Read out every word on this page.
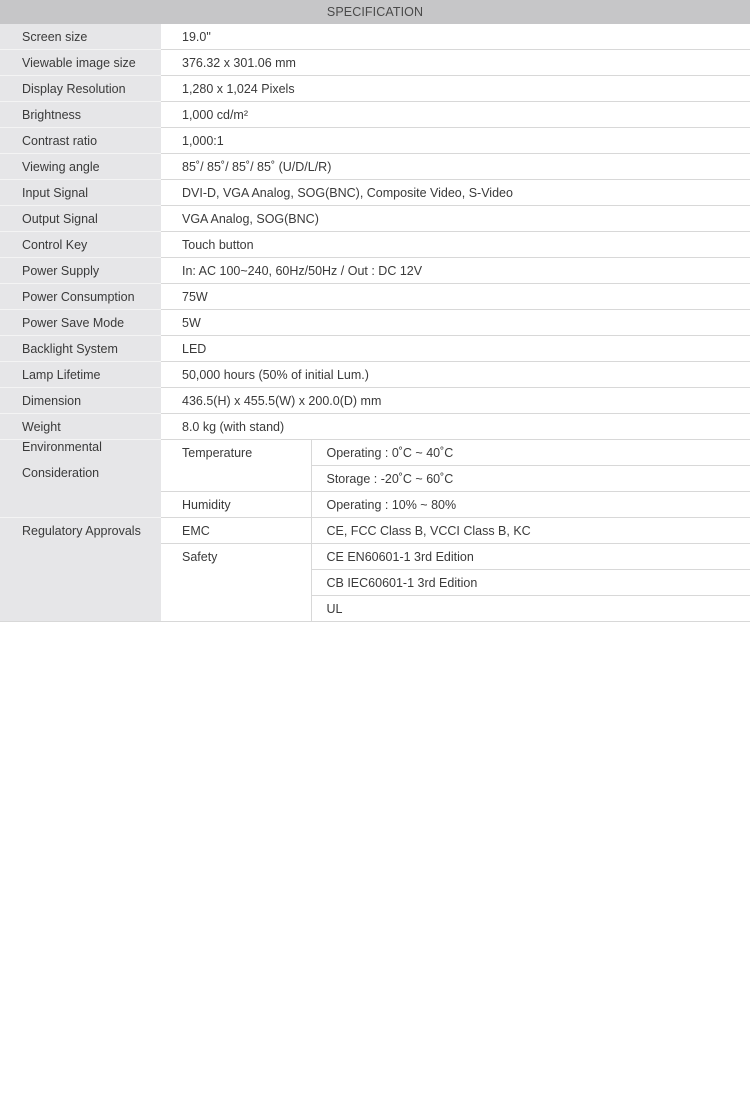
SPECIFICATION		
Screen size	19.0"	
Viewable image size	376.32 x 301.06 mm	
Display Resolution	1,280 x 1,024 Pixels	
Brightness	1,000 cd/m²	
Contrast ratio	1,000:1	
Viewing angle	85˚/ 85˚/ 85˚/ 85˚ (U/D/L/R)	
Input Signal	DVI-D, VGA Analog, SOG(BNC), Composite Video, S-Video	
Output Signal	VGA Analog, SOG(BNC)	
Control Key	Touch button	
Power Supply	In: AC 100~240, 60Hz/50Hz / Out : DC 12V	
Power Consumption	75W	
Power Save Mode	5W	
Backlight System	LED	
Lamp Lifetime	50,000 hours (50% of initial Lum.)	
Dimension	436.5(H) x 455.5(W) x 200.0(D) mm	
Weight	8.0 kg (with stand)	

Environmental
Consideration	Temperature	Operating : 0˚C ~ 40˚C
		Storage : -20˚C ~ 60˚C
	Humidity	Operating : 10% ~ 80%
Regulatory Approvals	EMC	CE, FCC Class B, VCCI Class B, KC
	Safety	CE EN60601-1 3rd Edition
		CB IEC60601-1 3rd Edition
		UL
